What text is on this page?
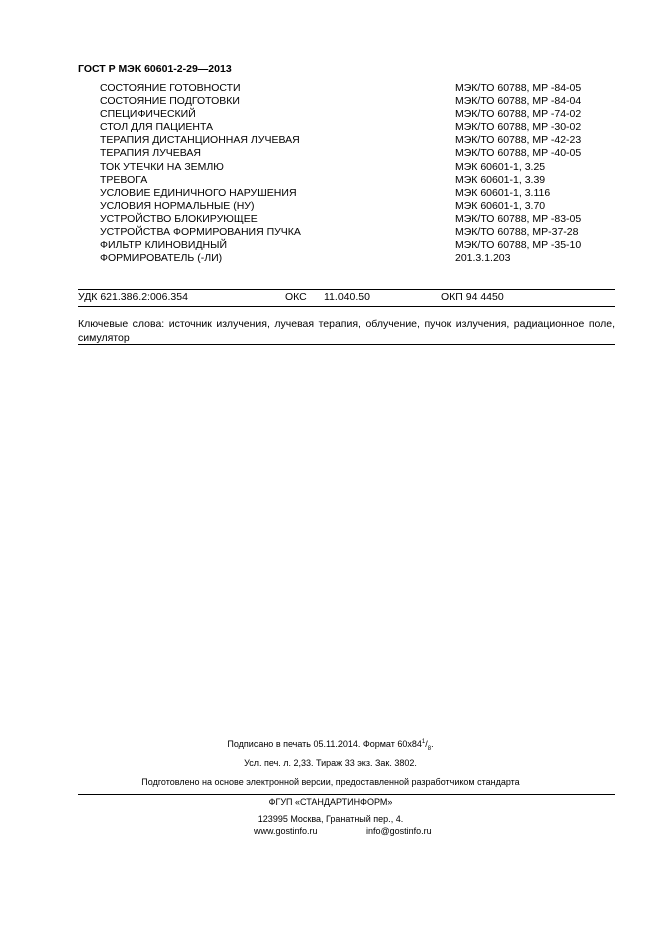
ГОСТ Р МЭК 60601-2-29—2013
СОСТОЯНИЕ ГОТОВНОСТИ	МЭК/ТО 60788, MP -84-05
СОСТОЯНИЕ ПОДГОТОВКИ	МЭК/ТО 60788, MP -84-04
СПЕЦИФИЧЕСКИЙ	МЭК/ТО 60788, MP -74-02
СТОЛ ДЛЯ ПАЦИЕНТА	МЭК/ТО 60788, MP -30-02
ТЕРАПИЯ ДИСТАНЦИОННАЯ ЛУЧЕВАЯ	МЭК/ТО 60788, MP -42-23
ТЕРАПИЯ ЛУЧЕВАЯ	МЭК/ТО 60788, MP -40-05
ТОК УТЕЧКИ НА ЗЕМЛЮ	МЭК 60601-1, 3.25
ТРЕВОГА	МЭК 60601-1, 3.39
УСЛОВИЕ ЕДИНИЧНОГО НАРУШЕНИЯ	МЭК 60601-1, 3.116
УСЛОВИЯ НОРМАЛЬНЫЕ (НУ)	МЭК 60601-1, 3.70
УСТРОЙСТВО БЛОКИРУЮЩЕЕ	МЭК/ТО 60788, MP -83-05
УСТРОЙСТВА ФОРМИРОВАНИЯ ПУЧКА	МЭК/ТО 60788, MP-37-28
ФИЛЬТР КЛИНОВИДНЫЙ	МЭК/ТО 60788, MP -35-10
ФОРМИРОВАТЕЛЬ (-ЛИ)	201.3.1.203
УДК 621.386.2:006.354	ОКС 11.040.50	ОКП 94 4450
Ключевые слова: источник излучения, лучевая терапия, облучение, пучок излучения, радиационное поле, симулятор
Подписано в печать 05.11.2014. Формат $60x84^1/_8$.
Усл. печ. л. 2,33. Тираж 33 экз. Зак. 3802.
Подготовлено на основе электронной версии, предоставленной разработчиком стандарта
ФГУП «СТАНДАРТИНФОРМ»
123995 Москва, Гранатный пер., 4.
www.gostinfo.ru	info@gostinfo.ru
